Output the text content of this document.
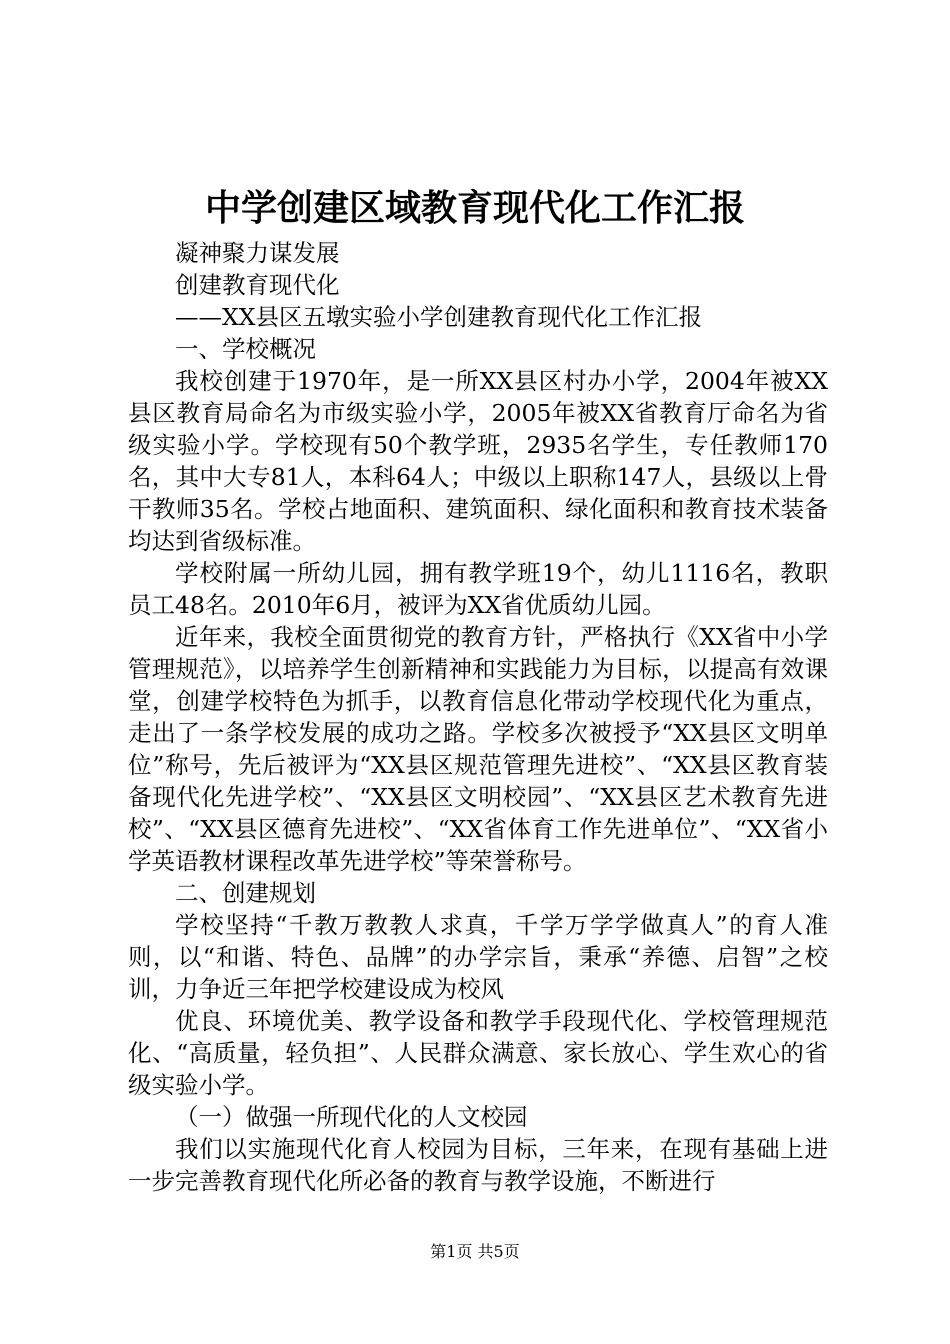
中学创建区域教育现代化工作汇报

凝神聚力谋发展

创建教育现代化

——XX县区五墩实验小学创建教育现代化工作汇报

一、学校概况

我校创建于1970年，是一所XX县区村办小学，2004年被XX县区教育局命名为市级实验小学，2005年被XX省教育厅命名为省级实验小学。学校现有50个教学班，2935名学生，专任教师170名，其中大专81人，本科64人；中级以上职称147人，县级以上骨干教师35名。学校占地面积、建筑面积、绿化面积和教育技术装备均达到省级标准。

学校附属一所幼儿园，拥有教学班19个，幼儿1116名，教职员工48名。2010年6月，被评为XX省优质幼儿园。

近年来，我校全面贯彻党的教育方针，严格执行《XX省中小学管理规范》，以培养学生创新精神和实践能力为目标，以提高有效课堂，创建学校特色为抓手，以教育信息化带动学校现代化为重点，走出了一条学校发展的成功之路。学校多次被授予“XX县区文明单位”称号，先后被评为“XX县区规范管理先进校”、“XX县区教育装备现代化先进学校”、“XX县区文明校园”、“XX县区艺术教育先进校”、“XX县区德育先进校”、“XX省体育工作先进单位”、“XX省小学英语教材课程改革先进学校”等荣誉称号。

二、创建规划

学校坚持“千教万教教人求真，千学万学学做真人”的育人准则，以“和谐、特色、品牌”的办学宗旨，秉承“养德、启智”之校训，力争近三年把学校建设成为校风

优良、环境优美、教学设备和教学手段现代化、学校管理规范化、“高质量，轻负担”、人民群众满意、家长放心、学生欢心的省级实验小学。

（一）做强一所现代化的人文校园

我们以实施现代化育人校园为目标，三年来，在现有基础上进一步完善教育现代化所必备的教育与教学设施，不断进行

第1页 共5页
